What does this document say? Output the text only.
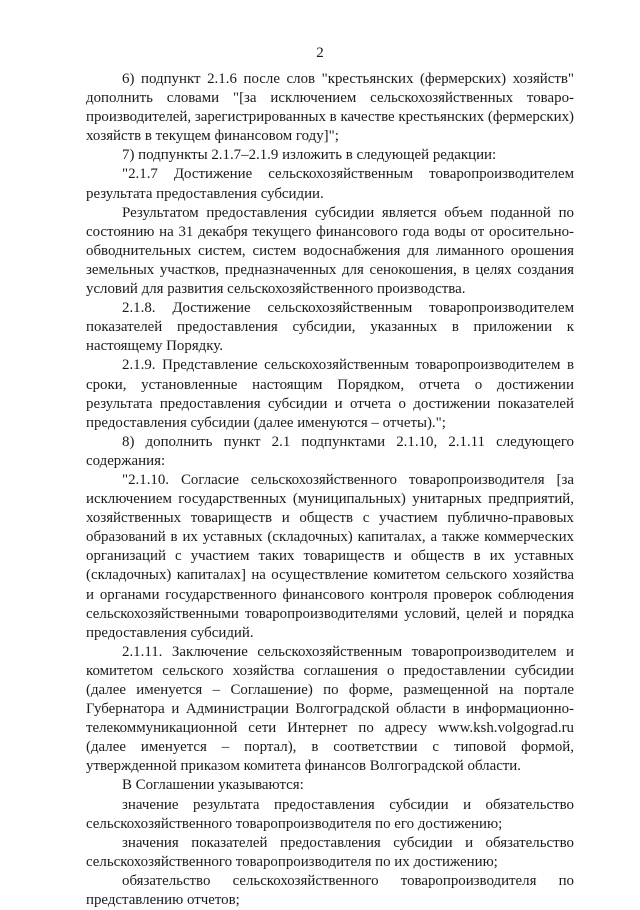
2

6) подпункт 2.1.6 после слов "крестьянских (фермерских) хозяйств" дополнить словами "[за исключением сельскохозяйственных товаропроизводителей, зарегистрированных в качестве крестьянских (фермерских) хозяйств в текущем финансовом году]";

7) подпункты 2.1.7–2.1.9 изложить в следующей редакции:

"2.1.7 Достижение сельскохозяйственным товаропроизводителем результата предоставления субсидии.

Результатом предоставления субсидии является объем поданной по состоянию на 31 декабря текущего финансового года воды от оросительно-обводнительных систем, систем водоснабжения для лиманного орошения земельных участков, предназначенных для сенокошения, в целях создания условий для развития сельскохозяйственного производства.

2.1.8. Достижение сельскохозяйственным товаропроизводителем показателей предоставления субсидии, указанных в приложении к настоящему Порядку.

2.1.9. Представление сельскохозяйственным товаропроизводителем в сроки, установленные настоящим Порядком, отчета о достижении результата предоставления субсидии и отчета о достижении показателей предоставления субсидии (далее именуются – отчеты).";

8) дополнить пункт 2.1 подпунктами 2.1.10, 2.1.11 следующего содержания:

"2.1.10. Согласие сельскохозяйственного товаропроизводителя [за исключением государственных (муниципальных) унитарных предприятий, хозяйственных товариществ и обществ с участием публично-правовых образований в их уставных (складочных) капиталах, а также коммерческих организаций с участием таких товариществ и обществ в их уставных (складочных) капиталах] на осуществление комитетом сельского хозяйства и органами государственного финансового контроля проверок соблюдения сельскохозяйственными товаропроизводителями условий, целей и порядка предоставления субсидий.

2.1.11. Заключение сельскохозяйственным товаропроизводителем и комитетом сельского хозяйства соглашения о предоставлении субсидии (далее именуется – Соглашение) по форме, размещенной на портале Губернатора и Администрации Волгоградской области в информационно-телекоммуникационной сети Интернет по адресу www.ksh.volgograd.ru (далее именуется – портал), в соответствии с типовой формой, утвержденной приказом комитета финансов Волгоградской области.

В Соглашении указываются:

значение результата предоставления субсидии и обязательство сельскохозяйственного товаропроизводителя по его достижению;

значения показателей предоставления субсидии и обязательство сельскохозяйственного товаропроизводителя по их достижению;

обязательство сельскохозяйственного товаропроизводителя по представлению отчетов;
